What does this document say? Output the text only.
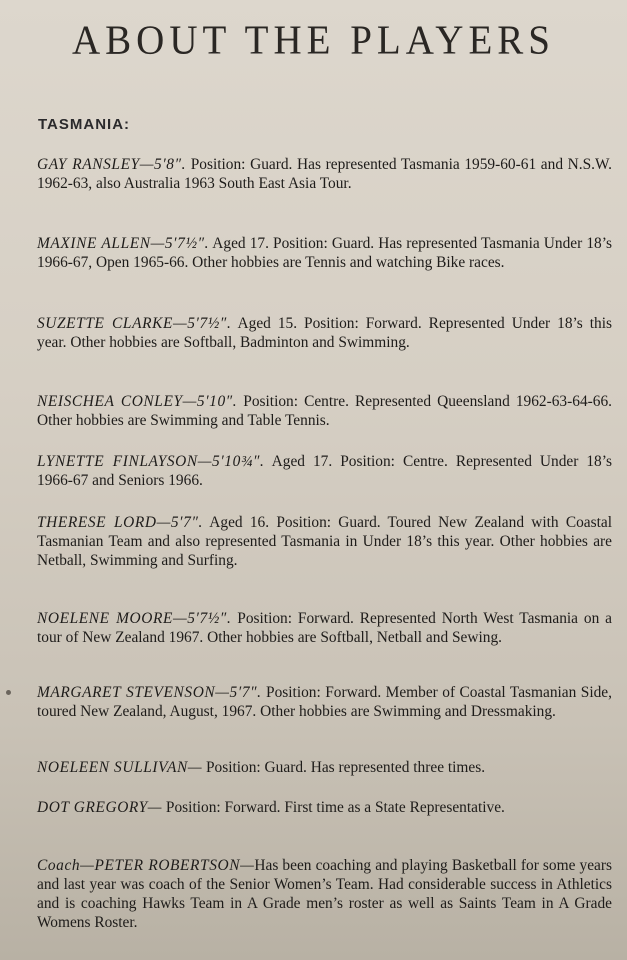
ABOUT THE PLAYERS
TASMANIA:
GAY RANSLEY—5′8″. Position: Guard. Has represented Tasmania 1959-60-61 and N.S.W. 1962-63, also Australia 1963 South East Asia Tour.
MAXINE ALLEN—5′7½″. Aged 17. Position: Guard. Has represented Tasmania Under 18’s 1966-67, Open 1965-66. Other hobbies are Tennis and watching Bike races.
SUZETTE CLARKE—5′7½″. Aged 15. Position: Forward. Represented Under 18’s this year. Other hobbies are Softball, Badminton and Swimming.
NEISCHEA CONLEY—5′10″. Position: Centre. Represented Queensland 1962-63-64-66. Other hobbies are Swimming and Table Tennis.
LYNETTE FINLAYSON—5′10¾″. Aged 17. Position: Centre. Represented Under 18’s 1966-67 and Seniors 1966.
THERESE LORD—5′7″. Aged 16. Position: Guard. Toured New Zealand with Coastal Tasmanian Team and also represented Tasmania in Under 18’s this year. Other hobbies are Netball, Swimming and Surfing.
NOELENE MOORE—5′7½″. Position: Forward. Represented North West Tasmania on a tour of New Zealand 1967. Other hobbies are Softball, Netball and Sewing.
MARGARET STEVENSON—5′7″. Position: Forward. Member of Coastal Tasmanian Side, toured New Zealand, August, 1967. Other hobbies are Swimming and Dressmaking.
NOELEEN SULLIVAN— Position: Guard. Has represented three times.
DOT GREGORY— Position: Forward. First time as a State Representative.
Coach—PETER ROBERTSON—Has been coaching and playing Basketball for some years and last year was coach of the Senior Women’s Team. Had considerable success in Athletics and is coaching Hawks Team in A Grade men’s roster as well as Saints Team in A Grade Womens Roster.
